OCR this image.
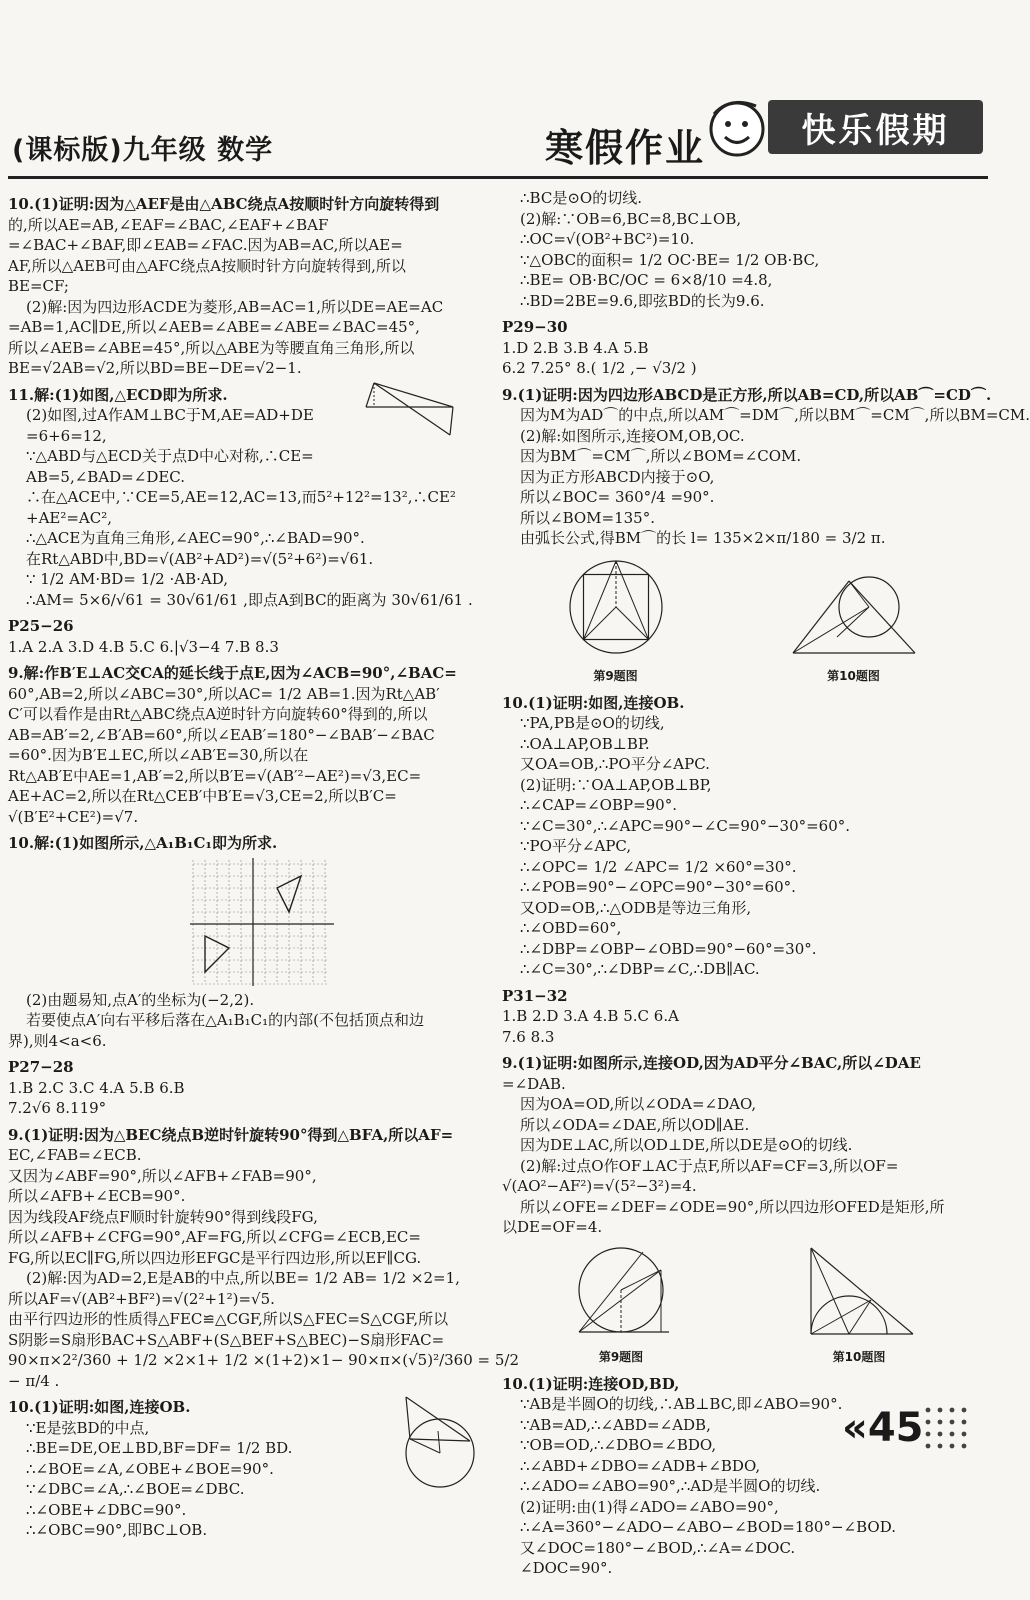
(课标版)九年级 数学	寒假作业	快乐假期
10.(1)证明:因为△AEF是由△ABC绕点A按顺时针方向旋转得到
的,所以AE=AB,∠EAF=∠BAC,∠EAF+∠BAF
=∠BAC+∠BAF,即∠EAB=∠FAC.因为AB=AC,所以AE=
AF,所以△AEB可由△AFC绕点A按顺时针方向旋转得到,所以
BE=CF;
(2)解:因为四边形ACDE为菱形,AB=AC=1,所以DE=AE=AC
=AB=1,AC∥DE,所以∠AEB=∠ABE=∠ABE=∠BAC=45°,
所以∠AEB=∠ABE=45°,所以△ABE为等腰直角三角形,所以
BE=√2AB=√2,所以BD=BE−DE=√2−1.
11.解:(1)如图,△ECD即为所求.
(2)如图,过A作AM⊥BC于M,AE=AD+DE
=6+6=12,
∵△ABD与△ECD关于点D中心对称,∴CE=
AB=5,∠BAD=∠DEC.
∴在△ACE中,∵CE=5,AE=12,AC=13,而5²+12²=13²,∴CE²
+AE²=AC²,
∴△ACE为直角三角形,∠AEC=90°,∴∠BAD=90°.
在Rt△ABD中,BD=√(AB²+AD²)=√(5²+6²)=√61.
∵ 1/2 AM·BD= 1/2 ·AB·AD,
∴AM= 5×6/√61 = 30√61/61 ,即点A到BC的距离为 30√61/61 .
P25−26
1.A 2.A 3.D 4.B 5.C 6.|√3−4 7.B 8.3
9.解:作B′E⊥AC交CA的延长线于点E,因为∠ACB=90°,∠BAC=
60°,AB=2,所以∠ABC=30°,所以AC= 1/2 AB=1.因为Rt△AB′
C′可以看作是由Rt△ABC绕点A逆时针方向旋转60°得到的,所以
AB=AB′=2,∠B′AB=60°,所以∠EAB′=180°−∠BAB′−∠BAC
=60°.因为B′E⊥EC,所以∠AB′E=30,所以在
Rt△AB′E中AE=1,AB′=2,所以B′E=√(AB′²−AE²)=√3,EC=
AE+AC=2,所以在Rt△CEB′中B′E=√3,CE=2,所以B′C=
√(B′E²+CE²)=√7.
10.解:(1)如图所示,△A₁B₁C₁即为所求.
(2)由题易知,点A′的坐标为(−2,2).
若要使点A′向右平移后落在△A₁B₁C₁的内部(不包括顶点和边
界),则4<a<6.
P27−28
1.B 2.C 3.C 4.A 5.B 6.B
7.2√6 8.119°
9.(1)证明:因为△BEC绕点B逆时针旋转90°得到△BFA,所以AF=
EC,∠FAB=∠ECB.
又因为∠ABF=90°,所以∠AFB+∠FAB=90°,
所以∠AFB+∠ECB=90°.
因为线段AF绕点F顺时针旋转90°得到线段FG,
所以∠AFB+∠CFG=90°,AF=FG,所以∠CFG=∠ECB,EC=
FG,所以EC∥FG,所以四边形EFGC是平行四边形,所以EF∥CG.
(2)解:因为AD=2,E是AB的中点,所以BE= 1/2 AB= 1/2 ×2=1,
所以AF=√(AB²+BF²)=√(2²+1²)=√5.
由平行四边形的性质得△FEC≌△CGF,所以S△FEC=S△CGF,所以
S阴影=S扇形BAC+S△ABF+(S△BEF+S△BEC)−S扇形FAC=
90×π×2²/360 + 1/2 ×2×1+ 1/2 ×(1+2)×1− 90×π×(√5)²/360 = 5/2
− π/4 .
10.(1)证明:如图,连接OB.
∵E是弦BD的中点,
∴BE=DE,OE⊥BD,BF=DF= 1/2 BD.
∴∠BOE=∠A,∠OBE+∠BOE=90°.
∵∠DBC=∠A,∴∠BOE=∠DBC.
∴∠OBE+∠DBC=90°.
∴∠OBC=90°,即BC⊥OB.
∴BC是⊙O的切线.
(2)解:∵OB=6,BC=8,BC⊥OB,
∴OC=√(OB²+BC²)=10.
∵△OBC的面积= 1/2 OC·BE= 1/2 OB·BC,
∴BE= OB·BC/OC = 6×8/10 =4.8,
∴BD=2BE=9.6,即弦BD的长为9.6.
P29−30
1.D 2.B 3.B 4.A 5.B
6.2 7.25° 8.( 1/2 ,− √3/2 )
9.(1)证明:因为四边形ABCD是正方形,所以AB=CD,所以AB⌒=CD⌒.
因为M为AD⌒的中点,所以AM⌒=DM⌒,所以BM⌒=CM⌒,所以BM=CM.
(2)解:如图所示,连接OM,OB,OC.
因为BM⌒=CM⌒,所以∠BOM=∠COM.
因为正方形ABCD内接于⊙O,
所以∠BOC= 360°/4 =90°.
所以∠BOM=135°.
由弧长公式,得BM⌒的长 l= 135×2×π/180 = 3/2 π.
第9题图	第10题图
10.(1)证明:如图,连接OB.
∵PA,PB是⊙O的切线,
∴OA⊥AP,OB⊥BP.
又OA=OB,∴PO平分∠APC.
(2)证明:∵OA⊥AP,OB⊥BP,
∴∠CAP=∠OBP=90°.
∵∠C=30°,∴∠APC=90°−∠C=90°−30°=60°.
∵PO平分∠APC,
∴∠OPC= 1/2 ∠APC= 1/2 ×60°=30°.
∴∠POB=90°−∠OPC=90°−30°=60°.
又OD=OB,∴△ODB是等边三角形,
∴∠OBD=60°,
∴∠DBP=∠OBP−∠OBD=90°−60°=30°.
∴∠C=30°,∴∠DBP=∠C,∴DB∥AC.
P31−32
1.B 2.D 3.A 4.B 5.C 6.A
7.6 8.3
9.(1)证明:如图所示,连接OD,因为AD平分∠BAC,所以∠DAE
=∠DAB.
因为OA=OD,所以∠ODA=∠DAO,
所以∠ODA=∠DAE,所以OD∥AE.
因为DE⊥AC,所以OD⊥DE,所以DE是⊙O的切线.
(2)解:过点O作OF⊥AC于点F,所以AF=CF=3,所以OF=
√(AO²−AF²)=√(5²−3²)=4.
所以∠OFE=∠DEF=∠ODE=90°,所以四边形OFED是矩形,所
以DE=OF=4.
第9题图	第10题图
10.(1)证明:连接OD,BD,
∵AB是半圆O的切线,∴AB⊥BC,即∠ABO=90°.
∵AB=AD,∴∠ABD=∠ADB,
∵OB=OD,∴∠DBO=∠BDO,
∴∠ABD+∠DBO=∠ADB+∠BDO,
∴∠ADO=∠ABO=90°,∴AD是半圆O的切线.
(2)证明:由(1)得∠ADO=∠ABO=90°,
∴∠A=360°−∠ADO−∠ABO−∠BOD=180°−∠BOD.
又∠DOC=180°−∠BOD,∴∠A=∠DOC.
∠DOC=90°.
«45
